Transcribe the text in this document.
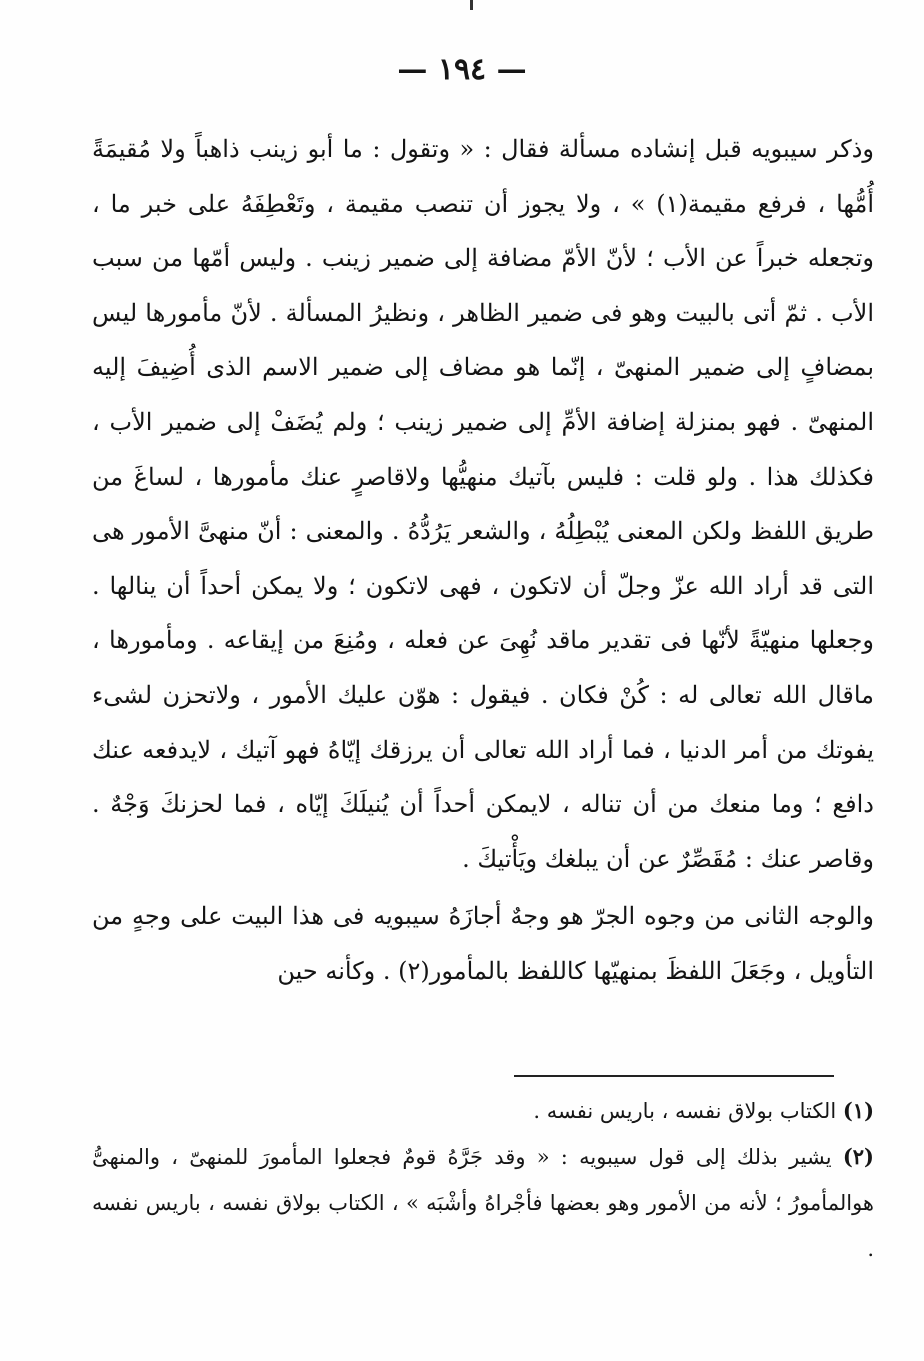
— ١٩٤ —

وذكر سيبويه قبل إنشاده مسألة فقال : « وتقول : ما أبو زينب ذاهباً ولا مُقيمَةً أُمُّها ، فرفع مقيمة(١) » ، ولا يجوز أن تنصب مقيمة ، وتَعْطِفَهُ على خبر ما ، وتجعله خبراً عن الأب ؛ لأنّ الأمّ مضافة إلى ضمير زينب . وليس أمّها من سبب الأب . ثمّ أتى بالبيت وهو فى ضمير الظاهر ، ونظيرُ المسألة . لأنّ مأمورها ليس بمضافٍ إلى ضمير المنهىّ ، إنّما هو مضاف إلى ضمير الاسم الذى أُضِيفَ إليه المنهىّ . فهو بمنزلة إضافة الأمِّ إلى ضمير زينب ؛ ولم يُضَفْ إلى ضمير الأب ، فكذلك هذا . ولو قلت : فليس بآتيك منهيُّها ولاقاصرٍ عنك مأمورها ، لساغَ من طريق اللفظ ولكن المعنى يُبْطِلُهُ ، والشعر يَرُدُّهُ . والمعنى : أنّ منهىَّ الأمور هى التى قد أراد الله عزّ وجلّ أن لاتكون ، فهى لاتكون ؛ ولا يمكن أحداً أن ينالها . وجعلها منهيّةً لأنّها فى تقدير ماقد نُهِىَ عن فعله ، ومُنِعَ من إيقاعه . ومأمورها ، ماقال الله تعالى له : كُنْ فكان . فيقول : هوّن عليك الأمور ، ولاتحزن لشىء يفوتك من أمر الدنيا ، فما أراد الله تعالى أن يرزقك إيّاهُ فهو آتيك ، لايدفعه عنك دافع ؛ وما منعك من أن تناله ، لايمكن أحداً أن يُنيلَكَ إيّاه ، فما لحزنكَ وَجْهٌ . وقاصر عنك : مُقَصِّرٌ عن أن يبلغك ويَأْتيكَ .

والوجه الثانى من وجوه الجرّ هو وجهٌ أجازَهُ سيبويه فى هذا البيت على وجهٍ من التأويل ، وجَعَلَ اللفظَ بمنهيّها كاللفظ بالمأمور(٢) . وكأنه حين

(١) الكتاب بولاق نفسه ، باريس نفسه .

(٢) يشير بذلك إلى قول سيبويه : « وقد جَرَّهُ قومٌ فجعلوا المأمورَ للمنهىّ ، والمنهىُّ هوالمأمورُ ؛ لأنه من الأمور وهو بعضها فأجْراهُ وأشْبَه » ، الكتاب بولاق نفسه ، باريس نفسه .
